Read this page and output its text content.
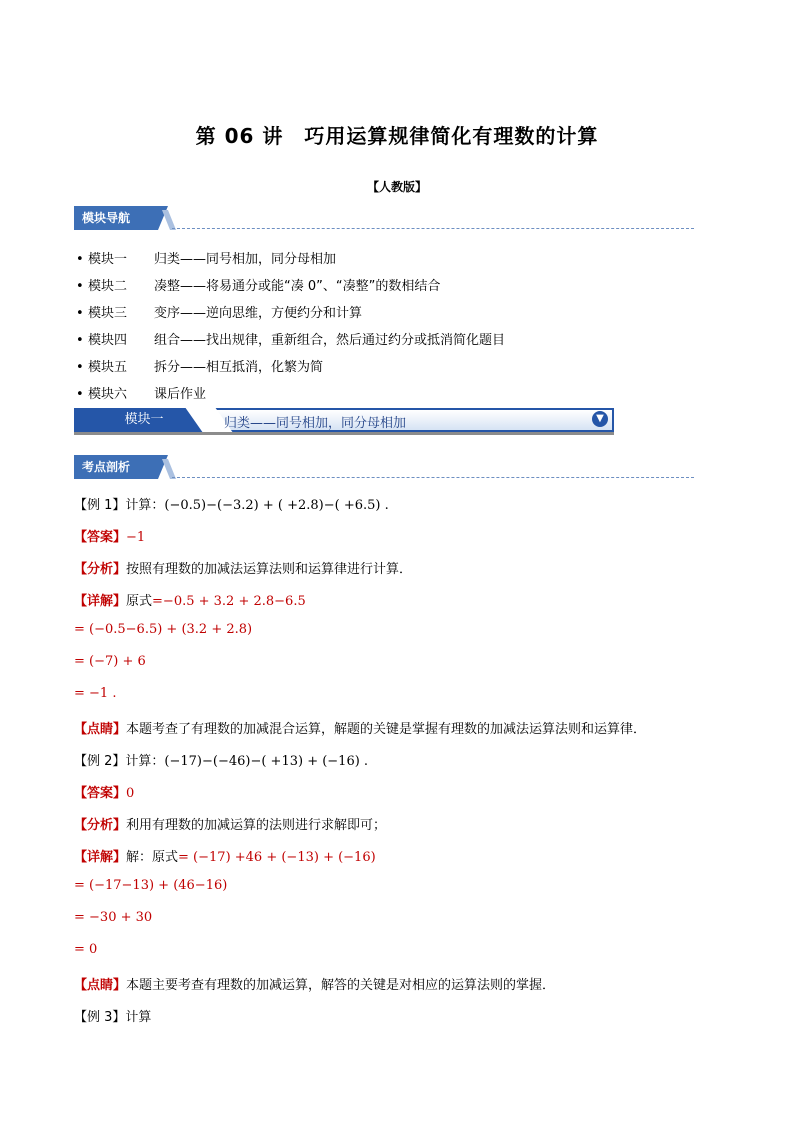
第 06 讲　巧用运算规律简化有理数的计算
【人教版】
模块导航
• 模块一 归类——同号相加，同分母相加
• 模块二 凑整——将易通分或能“凑 0”、“凑整”的数相结合
• 模块三 变序——逆向思维，方便约分和计算
• 模块四 组合——找出规律，重新组合，然后通过约分或抵消简化题目
• 模块五 拆分——相互抵消，化繁为简
• 模块六 课后作业
模块一	归类——同号相加，同分母相加	▼
考点剖析
【例 1】计算：(−0.5)−(−3.2) + ( +2.8)−( +6.5) .
【答案】−1
【分析】按照有理数的加减法运算法则和运算律进行计算．
【详解】原式=−0.5 + 3.2 + 2.8−6.5
= (−0.5−6.5) + (3.2 + 2.8)
= (−7) + 6
= −1 .
【点睛】本题考查了有理数的加减混合运算，解题的关键是掌握有理数的加减法运算法则和运算律．
【例 2】计算：(−17)−(−46)−( +13) + (−16) .
【答案】0
【分析】利用有理数的加减运算的法则进行求解即可；
【详解】解：原式= (−17) +46 + (−13) + (−16)
= (−17−13) + (46−16)
= −30 + 30
= 0
【点睛】本题主要考查有理数的加减运算，解答的关键是对相应的运算法则的掌握．
【例 3】计算
